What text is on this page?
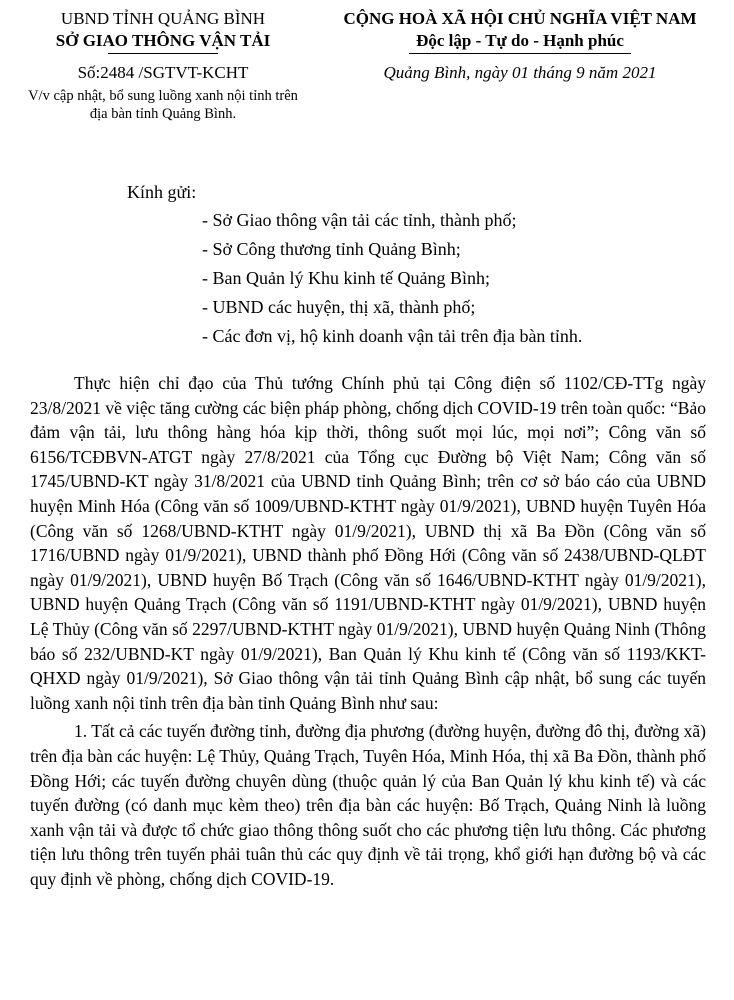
UBND TỈNH QUẢNG BÌNH
SỞ GIAO THÔNG VẬN TẢI
Số:2484 /SGTVT-KCHT
V/v cập nhật, bổ sung luồng xanh nội tỉnh trên địa bàn tỉnh Quảng Bình.
CỘNG HOÀ XÃ HỘI CHỦ NGHĨA VIỆT NAM
Độc lập - Tự do - Hạnh phúc
Quảng Bình, ngày 01 tháng 9 năm 2021
Kính gửi:
- Sở Giao thông vận tải các tỉnh, thành phố;
- Sở Công thương tỉnh Quảng Bình;
- Ban Quản lý Khu kinh tế Quảng Bình;
- UBND các huyện, thị xã, thành phố;
- Các đơn vị, hộ kinh doanh vận tải trên địa bàn tỉnh.

Thực hiện chỉ đạo của Thủ tướng Chính phủ tại Công điện số 1102/CĐ-TTg ngày 23/8/2021 về việc tăng cường các biện pháp phòng, chống dịch COVID-19 trên toàn quốc: “Bảo đảm vận tải, lưu thông hàng hóa kịp thời, thông suốt mọi lúc, mọi nơi”; Công văn số 6156/TCĐBVN-ATGT ngày 27/8/2021 của Tổng cục Đường bộ Việt Nam; Công văn số 1745/UBND-KT ngày 31/8/2021 của UBND tỉnh Quảng Bình; trên cơ sở báo cáo của UBND huyện Minh Hóa (Công văn số 1009/UBND-KTHT ngày 01/9/2021), UBND huyện Tuyên Hóa (Công văn số 1268/UBND-KTHT ngày 01/9/2021), UBND thị xã Ba Đồn (Công văn số 1716/UBND ngày 01/9/2021), UBND thành phố Đồng Hới (Công văn số 2438/UBND-QLĐT ngày 01/9/2021), UBND huyện Bố Trạch (Công văn số 1646/UBND-KTHT ngày 01/9/2021), UBND huyện Quảng Trạch (Công văn số 1191/UBND-KTHT ngày 01/9/2021), UBND huyện Lệ Thủy (Công văn số 2297/UBND-KTHT ngày 01/9/2021), UBND huyện Quảng Ninh (Thông báo số 232/UBND-KT ngày 01/9/2021), Ban Quản lý Khu kinh tế (Công văn số 1193/KKT-QHXD ngày 01/9/2021), Sở Giao thông vận tải tỉnh Quảng Bình cập nhật, bổ sung các tuyến luồng xanh nội tỉnh trên địa bàn tỉnh Quảng Bình như sau:

1. Tất cả các tuyến đường tỉnh, đường địa phương (đường huyện, đường đô thị, đường xã) trên địa bàn các huyện: Lệ Thủy, Quảng Trạch, Tuyên Hóa, Minh Hóa, thị xã Ba Đồn, thành phố Đồng Hới; các tuyến đường chuyên dùng (thuộc quản lý của Ban Quản lý khu kinh tế) và các tuyến đường (có danh mục kèm theo) trên địa bàn các huyện: Bố Trạch, Quảng Ninh là luồng xanh vận tải và được tổ chức giao thông thông suốt cho các phương tiện lưu thông. Các phương tiện lưu thông trên tuyến phải tuân thủ các quy định về tải trọng, khổ giới hạn đường bộ và các quy định về phòng, chống dịch COVID-19.
